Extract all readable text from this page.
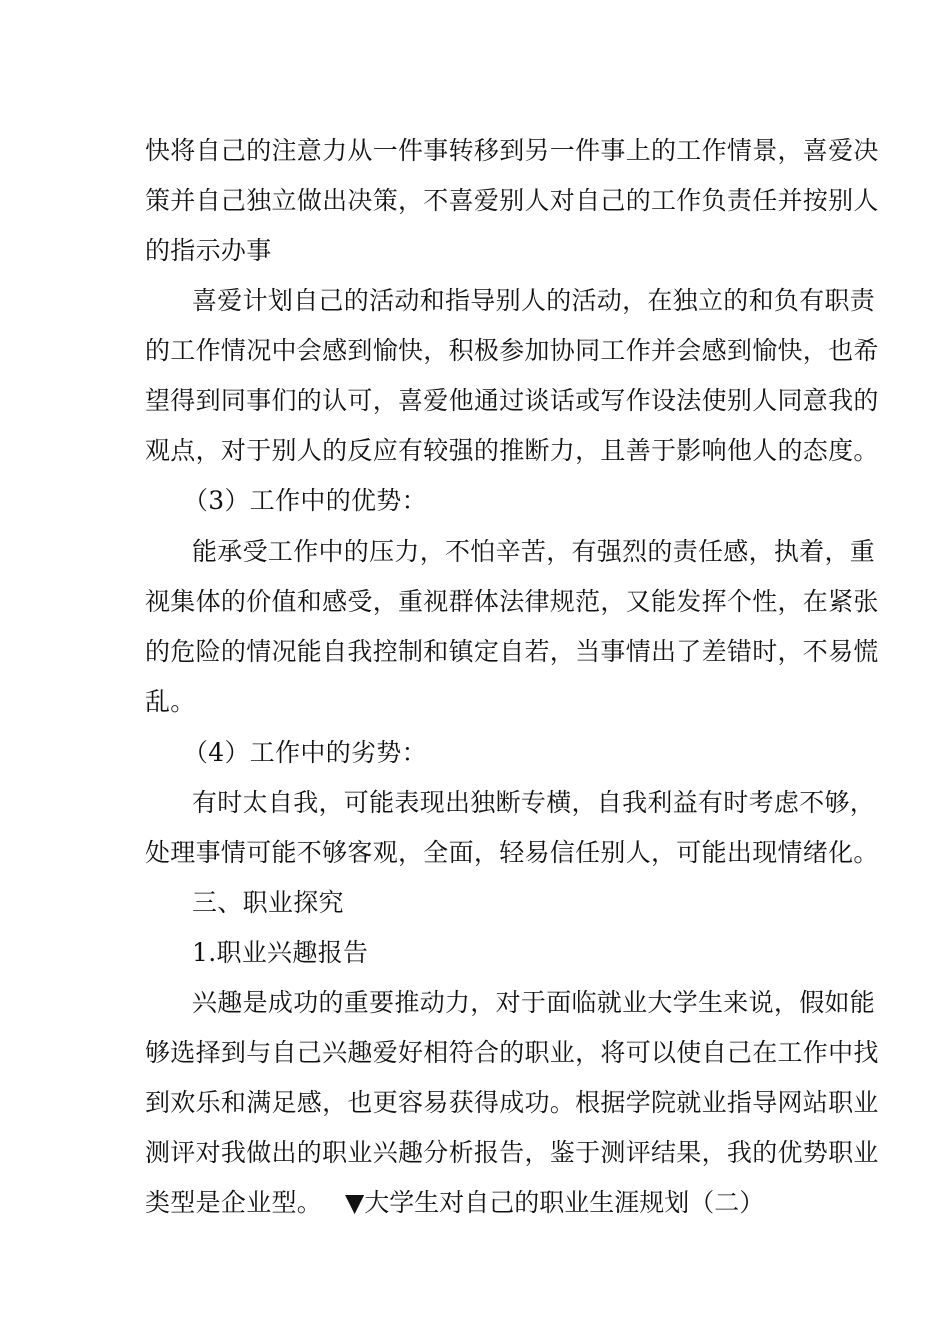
快将自己的注意力从一件事转移到另一件事上的工作情景，喜爱决
策并自己独立做出决策，不喜爱别人对自己的工作负责任并按别人
的指示办事
喜爱计划自己的活动和指导别人的活动，在独立的和负有职责
的工作情况中会感到愉快，积极参加协同工作并会感到愉快，也希
望得到同事们的认可，喜爱他通过谈话或写作设法使别人同意我的
观点，对于别人的反应有较强的推断力，且善于影响他人的态度。
（3）工作中的优势：
能承受工作中的压力，不怕辛苦，有强烈的责任感，执着，重
视集体的价值和感受，重视群体法律规范，又能发挥个性，在紧张
的危险的情况能自我控制和镇定自若，当事情出了差错时，不易慌
乱。
（4）工作中的劣势：
有时太自我，可能表现出独断专横，自我利益有时考虑不够，
处理事情可能不够客观，全面，轻易信任别人，可能出现情绪化。
三、职业探究
1.职业兴趣报告
兴趣是成功的重要推动力，对于面临就业大学生来说，假如能
够选择到与自己兴趣爱好相符合的职业，将可以使自己在工作中找
到欢乐和满足感，也更容易获得成功。根据学院就业指导网站职业
测评对我做出的职业兴趣分析报告，鉴于测评结果，我的优势职业
类型是企业型。 ▼大学生对自己的职业生涯规划（二）
